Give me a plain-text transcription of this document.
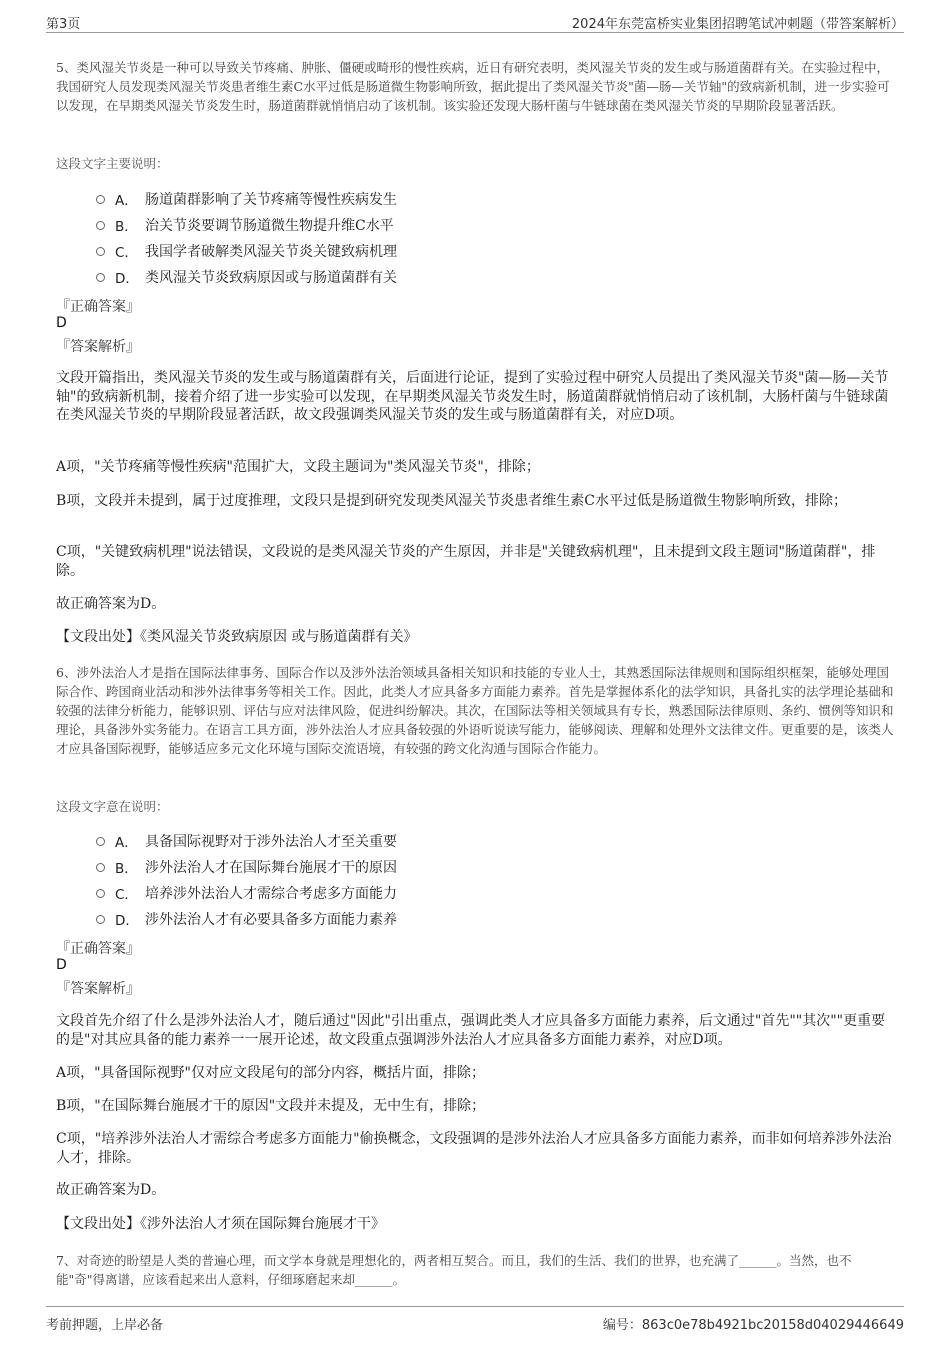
第3页	2024年东莞富桥实业集团招聘笔试冲刺题（带答案解析）
5、类风湿关节炎是一种可以导致关节疼痛、肿胀、僵硬或畸形的慢性疾病，近日有研究表明，类风湿关节炎的发生或与肠道菌群有关。在实验过程中，我国研究人员发现类风湿关节炎患者维生素C水平过低是肠道微生物影响所致，据此提出了类风湿关节炎"菌—肠—关节轴"的致病新机制，进一步实验可以发现，在早期类风湿关节炎发生时，肠道菌群就悄悄启动了该机制。该实验还发现大肠杆菌与牛链球菌在类风湿关节炎的早期阶段显著活跃。
这段文字主要说明：
A． 肠道菌群影响了关节疼痛等慢性疾病发生
B． 治关节炎要调节肠道微生物提升维C水平
C． 我国学者破解类风湿关节炎关键致病机理
D． 类风湿关节炎致病原因或与肠道菌群有关
『正确答案』
D
『答案解析』
文段开篇指出，类风湿关节炎的发生或与肠道菌群有关，后面进行论证，提到了实验过程中研究人员提出了类风湿关节炎"菌—肠—关节轴"的致病新机制，接着介绍了进一步实验可以发现，在早期类风湿关节炎发生时，肠道菌群就悄悄启动了该机制，大肠杆菌与牛链球菌在类风湿关节炎的早期阶段显著活跃，故文段强调类风湿关节炎的发生或与肠道菌群有关，对应D项。
A项，"关节疼痛等慢性疾病"范围扩大，文段主题词为"类风湿关节炎"，排除；
B项，文段并未提到，属于过度推理，文段只是提到研究发现类风湿关节炎患者维生素C水平过低是肠道微生物影响所致，排除；
C项，"关键致病机理"说法错误，文段说的是类风湿关节炎的产生原因，并非是"关键致病机理"，且未提到文段主题词"肠道菌群"，排除。
故正确答案为D。
【文段出处】《类风湿关节炎致病原因 或与肠道菌群有关》
6、涉外法治人才是指在国际法律事务、国际合作以及涉外法治领域具备相关知识和技能的专业人士，其熟悉国际法律规则和国际组织框架，能够处理国际合作、跨国商业活动和涉外法律事务等相关工作。因此，此类人才应具备多方面能力素养。首先是掌握体系化的法学知识，具备扎实的法学理论基础和较强的法律分析能力，能够识别、评估与应对法律风险，促进纠纷解决。其次，在国际法等相关领域具有专长，熟悉国际法律原则、条约、惯例等知识和理论，具备涉外实务能力。在语言工具方面，涉外法治人才应具备较强的外语听说读写能力，能够阅读、理解和处理外文法律文件。更重要的是，该类人才应具备国际视野，能够适应多元文化环境与国际交流语境，有较强的跨文化沟通与国际合作能力。
这段文字意在说明：
A． 具备国际视野对于涉外法治人才至关重要
B． 涉外法治人才在国际舞台施展才干的原因
C． 培养涉外法治人才需综合考虑多方面能力
D． 涉外法治人才有必要具备多方面能力素养
『正确答案』
D
『答案解析』
文段首先介绍了什么是涉外法治人才，随后通过"因此"引出重点，强调此类人才应具备多方面能力素养，后文通过"首先""其次""更重要的是"对其应具备的能力素养一一展开论述，故文段重点强调涉外法治人才应具备多方面能力素养，对应D项。
A项，"具备国际视野"仅对应文段尾句的部分内容，概括片面，排除；
B项，"在国际舞台施展才干的原因"文段并未提及，无中生有，排除；
C项，"培养涉外法治人才需综合考虑多方面能力"偷换概念，文段强调的是涉外法治人才应具备多方面能力素养，而非如何培养涉外法治人才，排除。
故正确答案为D。
【文段出处】《涉外法治人才须在国际舞台施展才干》
7、对奇迹的盼望是人类的普遍心理，而文学本身就是理想化的，两者相互契合。而且，我们的生活、我们的世界，也充满了______。当然，也不能"奇"得离谱，应该看起来出人意料，仔细琢磨起来却______。
考前押题，上岸必备	编号：863c0e78b4921bc20158d04029446649
